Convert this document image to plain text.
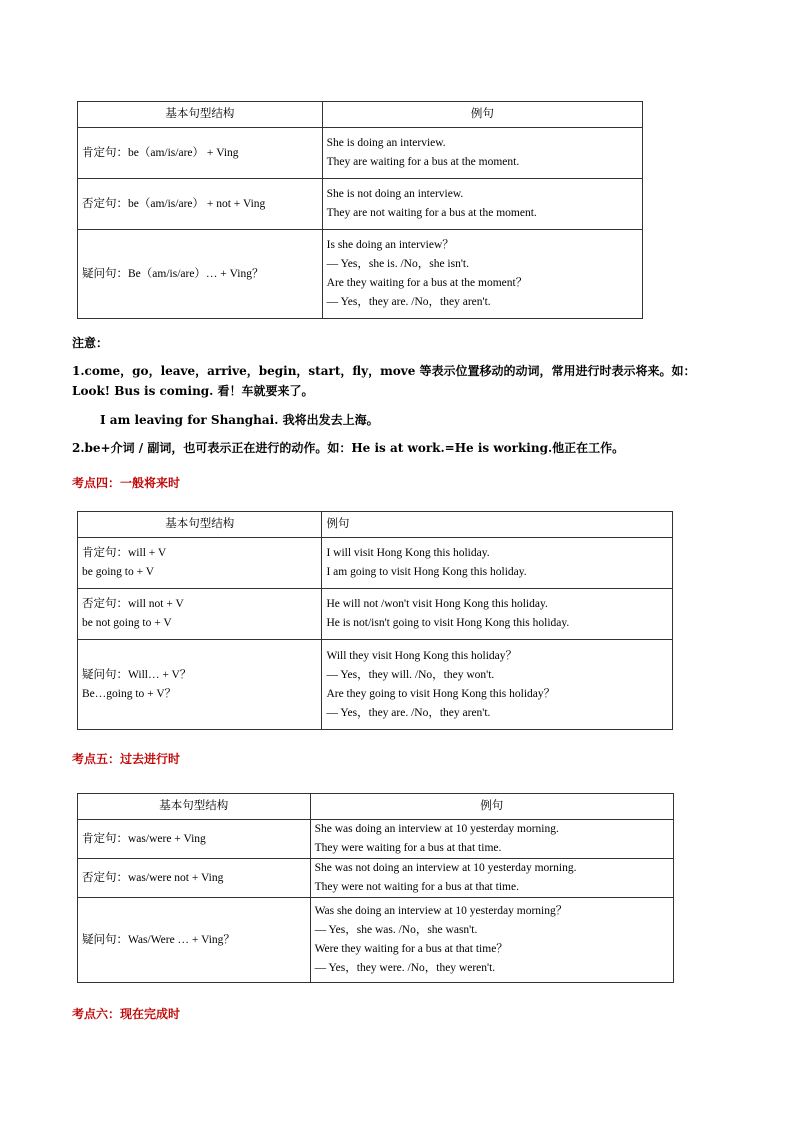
基本句型结构	例句

肯定句：be（am/is/are） + Ving	She is doing an interview.
They are waiting for a bus at the moment.

否定句：be（am/is/are） + not + Ving	She is not doing an interview.
They are not waiting for a bus at the moment.

疑问句：Be（am/is/are）… + Ving？	Is she doing an interview？
— Yes，she is. /No，she isn't.
Are they waiting for a bus at the moment？
— Yes，they are. /No，they aren't.
注意：
1.come，go，leave，arrive，begin，start，fly，move 等表示位置移动的动词，常用进行时表示将来。如：
Look! Bus is coming. 看！车就要来了。
I am leaving for Shanghai. 我将出发去上海。
2.be+介词 / 副词，也可表示正在进行的动作。如：He is at work.=He is working.他正在工作。
考点四：一般将来时
基本句型结构	例句

肯定句：will + V
be going to + V	I will visit Hong Kong this holiday.
I am going to visit Hong Kong this holiday.

否定句：will not + V
be not going to + V	He will not /won't visit Hong Kong this holiday.
He is not/isn't going to visit Hong Kong this holiday.

疑问句：Will… + V？
Be…going to + V？	Will they visit Hong Kong this holiday？
— Yes，they will. /No，they won't.
Are they going to visit Hong Kong this holiday？
— Yes，they are. /No，they aren't.
考点五：过去进行时
基本句型结构	例句

肯定句：was/were + Ving	She was doing an interview at 10 yesterday morning.
They were waiting for a bus at that time.

否定句：was/were not + Ving	She was not doing an interview at 10 yesterday morning.
They were not waiting for a bus at that time.

疑问句：Was/Were … + Ving？	Was she doing an interview at 10 yesterday morning？
— Yes，she was. /No，she wasn't.
Were they waiting for a bus at that time？
— Yes，they were. /No，they weren't.
考点六：现在完成时
